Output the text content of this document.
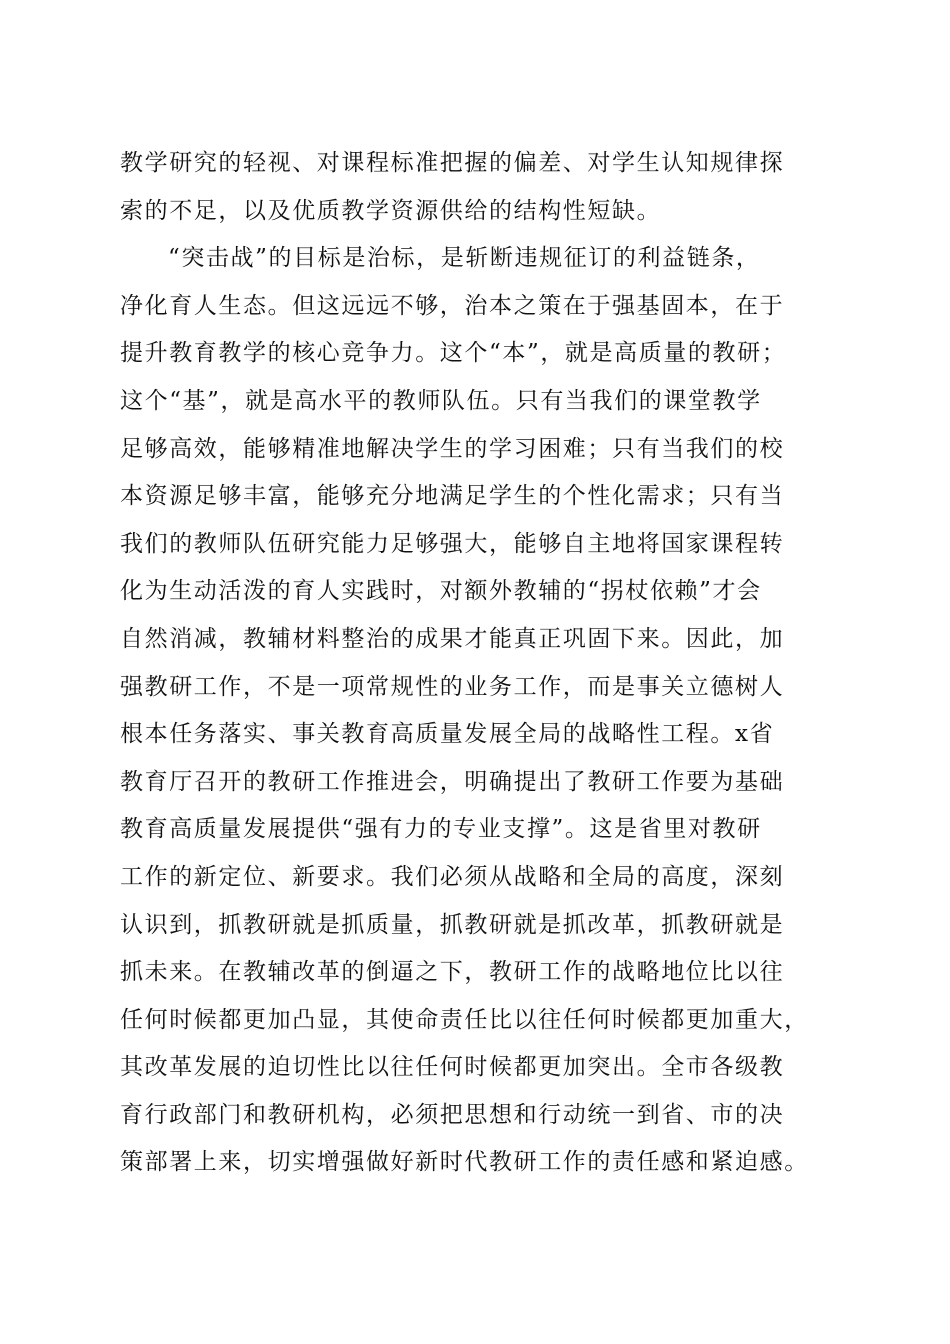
教学研究的轻视、对课程标准把握的偏差、对学生认知规律探
索的不足，以及优质教学资源供给的结构性短缺。
“突击战”的目标是治标，是斩断违规征订的利益链条，
净化育人生态。但这远远不够，治本之策在于强基固本，在于
提升教育教学的核心竞争力。这个“本”，就是高质量的教研；
这个“基”，就是高水平的教师队伍。只有当我们的课堂教学
足够高效，能够精准地解决学生的学习困难；只有当我们的校
本资源足够丰富，能够充分地满足学生的个性化需求；只有当
我们的教师队伍研究能力足够强大，能够自主地将国家课程转
化为生动活泼的育人实践时，对额外教辅的“拐杖依赖”才会
自然消减，教辅材料整治的成果才能真正巩固下来。因此，加
强教研工作，不是一项常规性的业务工作，而是事关立德树人
根本任务落实、事关教育高质量发展全局的战略性工程。x省
教育厅召开的教研工作推进会，明确提出了教研工作要为基础
教育高质量发展提供“强有力的专业支撑”。这是省里对教研
工作的新定位、新要求。我们必须从战略和全局的高度，深刻
认识到，抓教研就是抓质量，抓教研就是抓改革，抓教研就是
抓未来。在教辅改革的倒逼之下，教研工作的战略地位比以往
任何时候都更加凸显，其使命责任比以往任何时候都更加重大，
其改革发展的迫切性比以往任何时候都更加突出。全市各级教
育行政部门和教研机构，必须把思想和行动统一到省、市的决
策部署上来，切实增强做好新时代教研工作的责任感和紧迫感。
